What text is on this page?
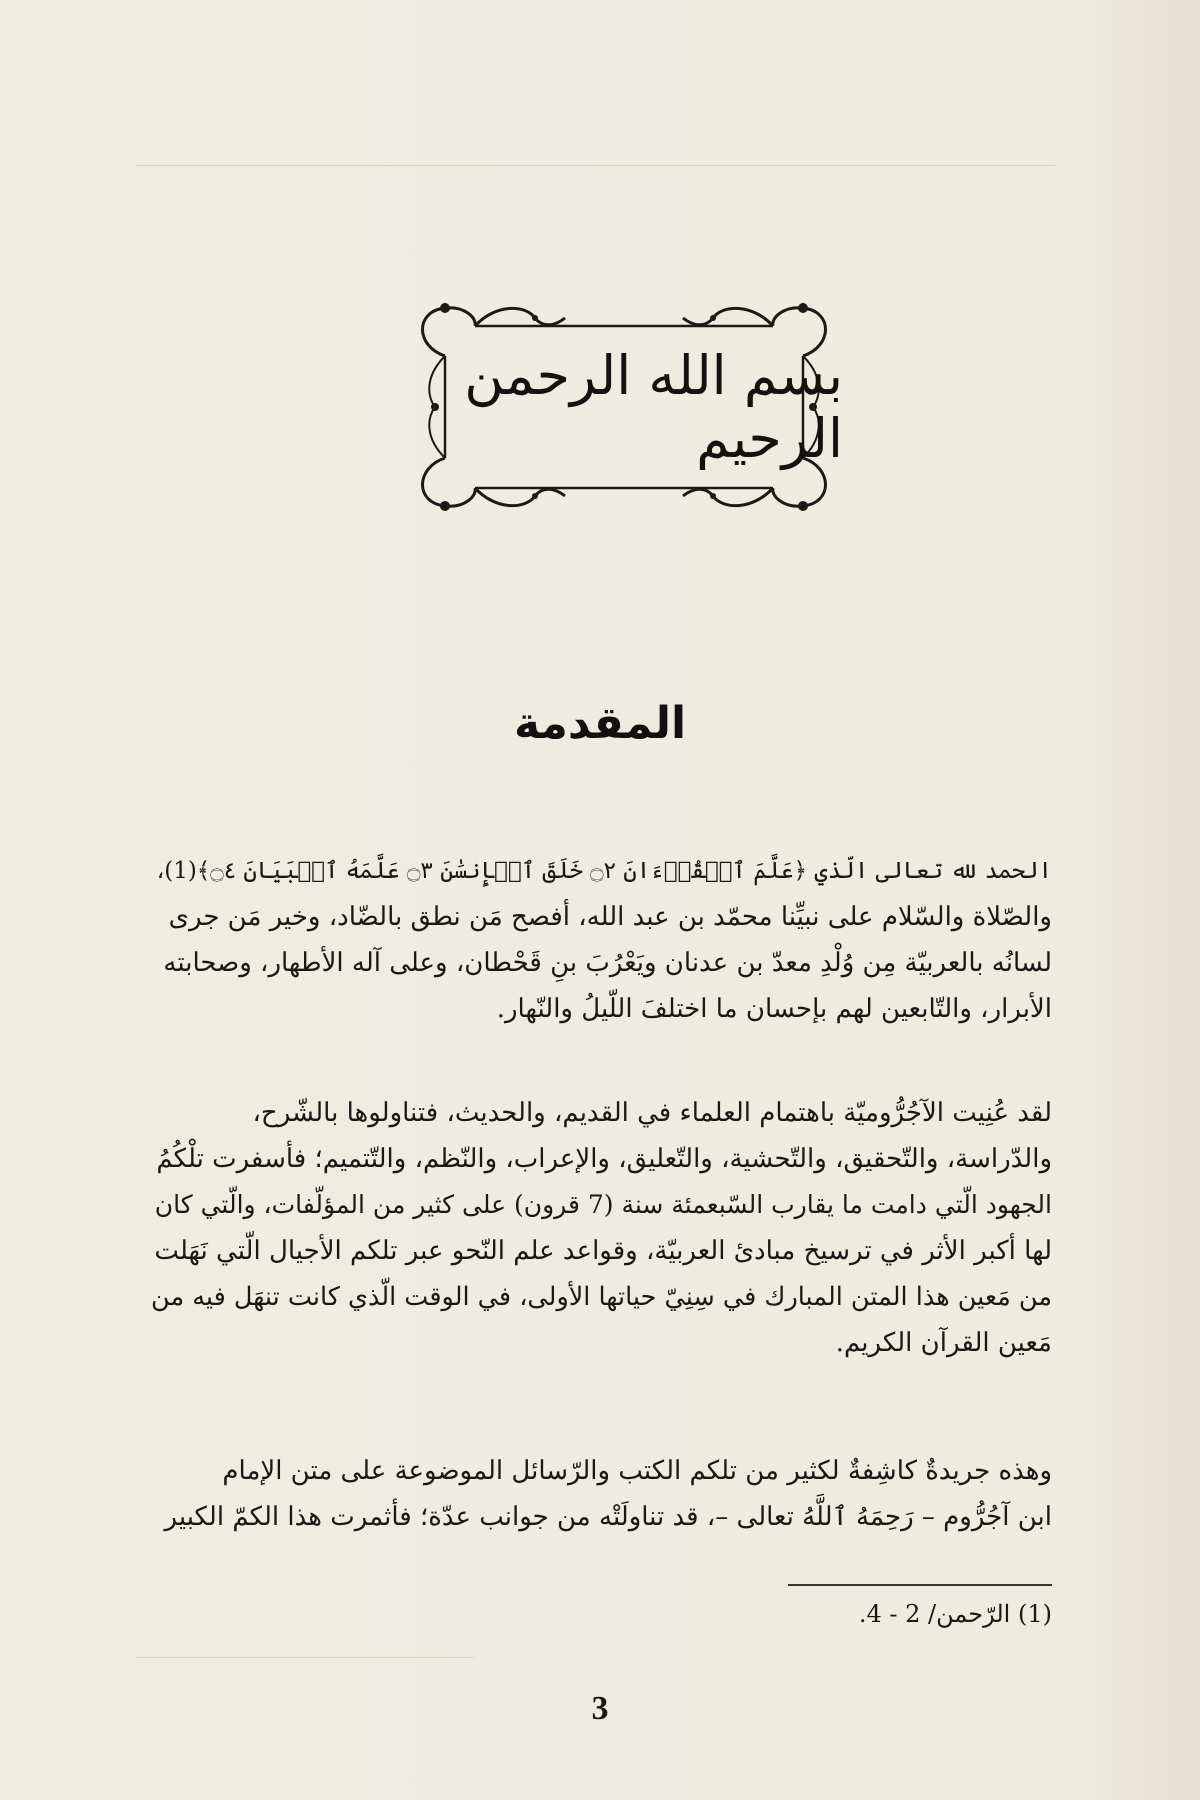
بسم الله الرحمن الرحيم
المقدمة
الحمد لله تعالى الّذي ﴿عَلَّمَ ٱلۡقُرۡءَانَ ۝٢ خَلَقَ ٱلۡإِنسَٰنَ ۝٣ عَلَّمَهُ ٱلۡبَيَانَ ۝٤﴾(1)،
والصّلاة والسّلام على نبيِّنا محمّد بن عبد الله، أفصح مَن نطق بالضّاد، وخير مَن جرى
لسانُه بالعربيّة مِن وُلْدِ معدّ بن عدنان ويَعْرُبَ بنِ قَحْطان، وعلى آله الأطهار، وصحابته
الأبرار، والتّابعين لهم بإحسان ما اختلفَ اللّيلُ والنّهار.
لقد عُنِيت الآجُرُّوميّة باهتمام العلماء في القديم، والحديث، فتناولوها بالشّرح،
والدّراسة، والتّحقيق، والتّحشية، والتّعليق، والإعراب، والنّظم، والتّتميم؛ فأسفرت تلْكُمُ
الجهود الّتي دامت ما يقارب السّبعمئة سنة (7 قرون) على كثير من المؤلّفات، والّتي كان
لها أكبر الأثر في ترسيخ مبادئ العربيّة، وقواعد علم النّحو عبر تلكم الأجيال الّتي نَهَلت
من مَعين هذا المتن المبارك في سِنِيّ حياتها الأولى، في الوقت الّذي كانت تنهَل فيه من
مَعين القرآن الكريم.
وهذه جريدةٌ كاشِفةٌ لكثير من تلكم الكتب والرّسائل الموضوعة على متن الإمام
ابن آجُرُّوم – رَحِمَهُ ٱللَّهُ تعالى –، قد تناولَتْه من جوانب عدّة؛ فأثمرت هذا الكمّ الكبير
(1) الرّحمن/ 2 - 4.
3
